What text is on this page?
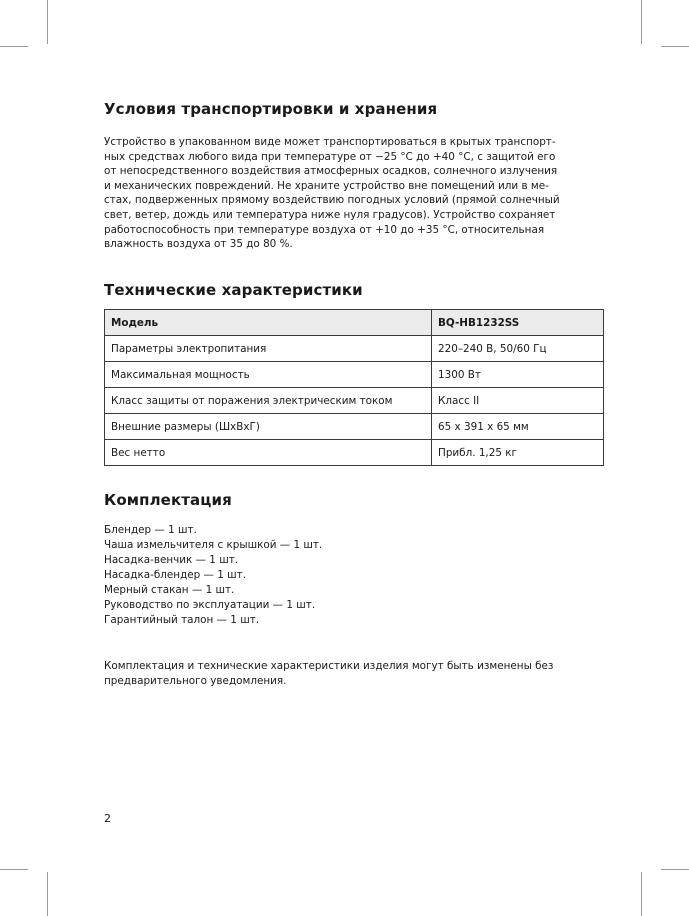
Условия транспортировки и хранения
Устройство в упакованном виде может транспортироваться в крытых транспорт-
ных средствах любого вида при температуре от −25 °С до +40 °С, с защитой его
от непосредственного воздействия атмосферных осадков, солнечного излучения
и механических повреждений. Не храните устройство вне помещений или в ме-
стах, подверженных прямому воздействию погодных условий (прямой солнечный
свет, ветер, дождь или температура ниже нуля градусов). Устройство сохраняет
работоспособность при температуре воздуха от +10 до +35 °С, относительная
влажность воздуха от 35 до 80 %.
Технические характеристики
Модель	BQ-HB1232SS
Параметры электропитания	220–240 В, 50/60 Гц
Максимальная мощность	1300 Вт
Класс защиты от поражения электрическим током	Класс II
Внешние размеры (ШхВхГ)	65 x 391 x 65 мм
Вес нетто	Прибл. 1,25 кг
Комплектация
Блендер — 1 шт.
Чаша измельчителя с крышкой — 1 шт.
Насадка-венчик — 1 шт.
Насадка-блендер — 1 шт.
Мерный стакан — 1 шт.
Руководство по эксплуатации — 1 шт.
Гарантийный талон — 1 шт.
Комплектация и технические характеристики изделия могут быть изменены без
предварительного уведомления.
2
